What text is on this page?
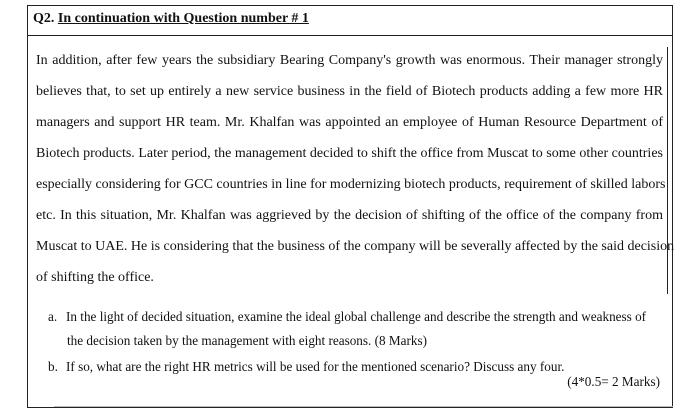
Q2. In continuation with Question number # 1
In addition, after few years the subsidiary Bearing Company's growth was enormous. Their manager strongly
believes that, to set up entirely a new service business in the field of Biotech products adding a few more HR
managers and support HR team. Mr. Khalfan was appointed an employee of Human Resource Department of
Biotech products. Later period, the management decided to shift the office from Muscat to some other countries
especially considering for GCC countries in line for modernizing biotech products, requirement of skilled labors
etc. In this situation, Mr. Khalfan was aggrieved by the decision of shifting of the office of the company from
Muscat to UAE. He is considering that the business of the company will be severally affected by the said decision
of shifting the office.
a. In the light of decided situation, examine the ideal global challenge and describe the strength and weakness of
the decision taken by the management with eight reasons. (8 Marks)
b. If so, what are the right HR metrics will be used for the mentioned scenario? Discuss any four.
(4*0.5= 2 Marks)
